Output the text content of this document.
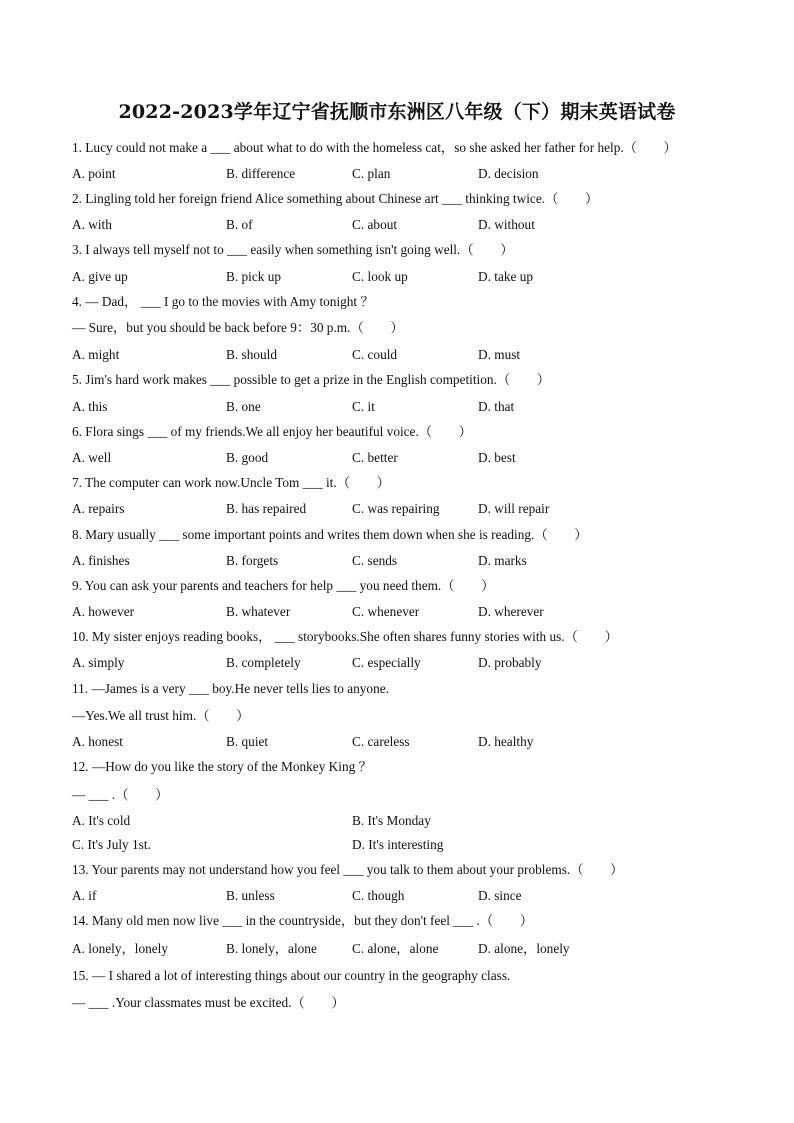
2022-2023学年辽宁省抚顺市东洲区八年级（下）期末英语试卷
1. Lucy could not make a ___ about what to do with the homeless cat，so she asked her father for help.（　　）
A. point	B. difference	C. plan	D. decision
2. Lingling told her foreign friend Alice something about Chinese art ___ thinking twice.（　　）
A. with	B. of	C. about	D. without
3. I always tell myself not to ___ easily when something isn't going well.（　　）
A. give up	B. pick up	C. look up	D. take up
4. — Dad， ___ I go to the movies with Amy tonight ？
— Sure，but you should be back before 9：30 p.m.（　　）
A. might	B. should	C. could	D. must
5. Jim's hard work makes ___ possible to get a prize in the English competition.（　　）
A. this	B. one	C. it	D. that
6. Flora sings ___ of my friends.We all enjoy her beautiful voice.（　　）
A. well	B. good	C. better	D. best
7. The computer can work now.Uncle Tom ___ it.（　　）
A. repairs	B. has repaired	C. was repairing	D. will repair
8. Mary usually ___ some important points and writes them down when she is reading.（　　）
A. finishes	B. forgets	C. sends	D. marks
9. You can ask your parents and teachers for help ___ you need them.（　　）
A. however	B. whatever	C. whenever	D. wherever
10. My sister enjoys reading books， ___ storybooks.She often shares funny stories with us.（　　）
A. simply	B. completely	C. especially	D. probably
11. —James is a very ___ boy.He never tells lies to anyone.
—Yes.We all trust him.（　　）
A. honest	B. quiet	C. careless	D. healthy
12. —How do you like the story of the Monkey King ？
— ___ .（　　）
A. It's cold	B. It's Monday
C. It's July 1st.	D. It's interesting
13. Your parents may not understand how you feel ___ you talk to them about your problems.（　　）
A. if	B. unless	C. though	D. since
14. Many old men now live ___ in the countryside，but they don't feel ___ .（　　）
A. lonely，lonely	B. lonely，alone	C. alone，alone	D. alone，lonely
15. — I shared a lot of interesting things about our country in the geography class.
— ___ .Your classmates must be excited.（　　）
